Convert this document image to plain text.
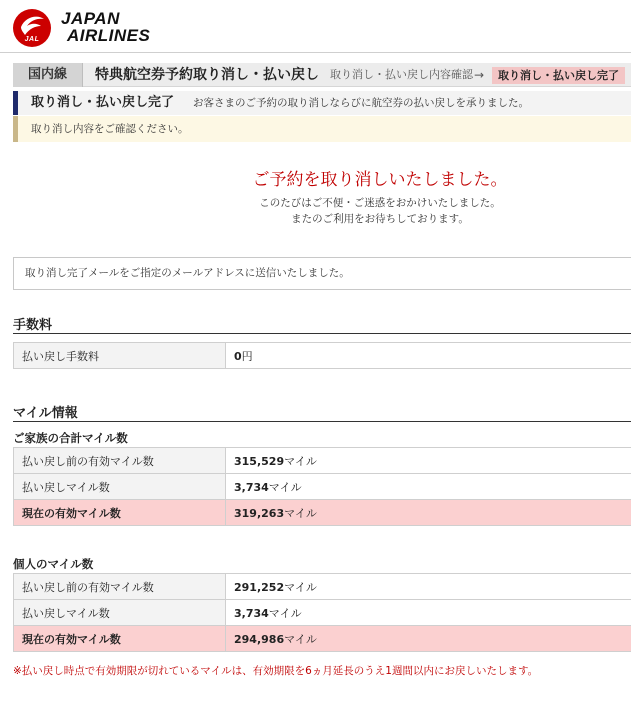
JAL
JAPAN
AIRLINES
国内線	特典航空券予約取り消し・払い戻し 取り消し・払い戻し内容確認 →	取り消し・払い戻し完了
取り消し・払い戻し完了 お客さまのご予約の取り消しならびに航空券の払い戻しを承りました。
取り消し内容をご確認ください。
ご予約を取り消しいたしました。
このたびはご不便・ご迷惑をおかけいたしました。
またのご利用をお待ちしております。
取り消し完了メールをご指定のメールアドレスに送信いたしました。
手数料
払い戻し手数料	0円
マイル情報
ご家族の合計マイル数
払い戻し前の有効マイル数	315,529マイル
払い戻しマイル数	3,734マイル
現在の有効マイル数	319,263マイル
個人のマイル数
払い戻し前の有効マイル数	291,252マイル
払い戻しマイル数	3,734マイル
現在の有効マイル数	294,986マイル
※払い戻し時点で有効期限が切れているマイルは、有効期限を6ヵ月延長のうえ1週間以内にお戻しいたします。
